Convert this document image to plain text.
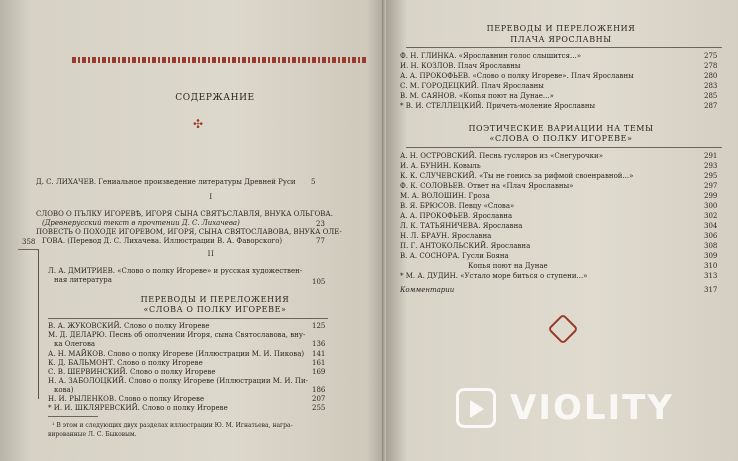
СОДЕРЖАНИЕ
✣
Д. С. ЛИХАЧЕВ. Гениальное произведение литературы Древней Руси 5
I
СЛОВО О ПЪЛКУ ИГОРЕВѢ, ИГОРЯ СЫНА СВЯТЪСЛАВЛЯ, ВНУКА ОЛЬГОВА.
(Древнерусский текст в прочтении Д. С. Лихачева)	23
ПОВЕСТЬ О ПОХОДЕ ИГОРЕВОМ, ИГОРЯ, СЫНА СВЯТОСЛАВОВА, ВНУКА ОЛЕ-
ГОВА. (Перевод Д. С. Лихачева. Иллюстрации В. А. Фаворского)	77
358
II
Л. А. ДМИТРИЕВ. «Слово о полку Игореве» и русская художествен-
ная литература	105
ПЕРЕВОДЫ И ПЕРЕЛОЖЕНИЯ
«СЛОВА О ПОЛКУ ИГОРЕВЕ»
В. А. ЖУКОВСКИЙ. Слово о полку Игореве	125
М. Д. ДЕЛАРЮ. Песнь об ополчении Игоря, сына Святославова, вну-
ка Олегова	136
А. Н. МАЙКОВ. Слово о полку Игореве (Иллюстрации М. И. Пикова) 141
К. Д. БАЛЬМОНТ. Слово о полку Игореве	161
С. В. ШЕРВИНСКИЙ. Слово о полку Игореве	169
Н. А. ЗАБОЛОЦКИЙ. Слово о полку Игореве (Иллюстрации М. И. Пи-
кова)	186
Н. И. РЫЛЕНКОВ. Слово о полку Игореве	207
* И. И. ШКЛЯРЕВСКИЙ. Слово о полку Игореве	255
¹ В этом и следующих двух разделах иллюстрации Ю. М. Игнатьева, награ-
вированные Л. С. Быковым.
ПЕРЕВОДЫ И ПЕРЕЛОЖЕНИЯ
ПЛАЧА ЯРОСЛАВНЫ
Ф. Н. ГЛИНКА. «Ярославнин голос слышится...»	275
И. Н. КОЗЛОВ. Плач Ярославны	278
А. А. ПРОКОФЬЕВ. «Слово о полку Игореве». Плач Ярославны	280
С. М. ГОРОДЕЦКИЙ. Плач Ярославны	283
В. М. САЯНОВ. «Копья поют на Дунае...»	285
* В. И. СТЕЛЛЕЦКИЙ. Причеть-моление Ярославны	287
ПОЭТИЧЕСКИЕ ВАРИАЦИИ НА ТЕМЫ
«СЛОВА О ПОЛКУ ИГОРЕВЕ»
А. Н. ОСТРОВСКИЙ. Песнь гусляров из «Снегурочки»	291
И. А. БУНИН. Ковыль	293
К. К. СЛУЧЕВСКИЙ. «Ты не гонись за рифмой своенравной...»	295
Ф. К. СОЛОВЬЕВ. Ответ на «Плач Ярославны»	297
М. А. ВОЛОШИН. Гроза	299
В. Я. БРЮСОВ. Певцу «Слова»	300
А. А. ПРОКОФЬЕВ. Ярославна	302
Л. К. ТАТЬЯНИЧЕВА. Ярославна	304
Н. Л. БРАУН. Ярославна	306
П. Г. АНТОКОЛЬСКИЙ. Ярославна	308
В. А. СОСНОРА. Гусли Бояна	309
Копья поют на Дунае	310
* М. А. ДУДИН. «Устало море биться о ступени...»	313
Комментарии	317
VIOLITY
